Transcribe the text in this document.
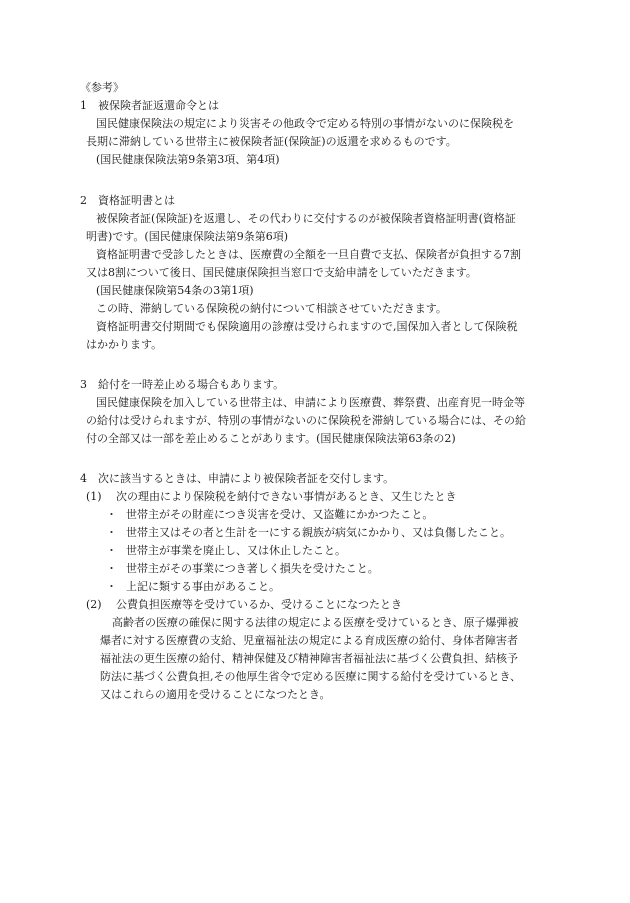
《参考》
1 被保険者証返還命令とは
国民健康保険法の規定により災害その他政令で定める特別の事情がないのに保険税を
長期に滞納している世帯主に被保険者証(保険証)の返還を求めるものです。
(国民健康保険法第9条第3項、第4項)
2 資格証明書とは
被保険者証(保険証)を返還し、その代わりに交付するのが被保険者資格証明書(資格証
明書)です。(国民健康保険法第9条第6項)
資格証明書で受診したときは、医療費の全額を一旦自費で支払、保険者が負担する7割
又は8割について後日、国民健康保険担当窓口で支給申請をしていただきます。
(国民健康保険第54条の3第1項)
この時、滞納している保険税の納付について相談させていただきます。
資格証明書交付期間でも保険適用の診療は受けられますので,国保加入者として保険税
はかかります。
3 給付を一時差止める場合もあります。
国民健康保険を加入している世帯主は、申請により医療費、葬祭費、出産育児一時金等
の給付は受けられますが、特別の事情がないのに保険税を滞納している場合には、その給
付の全部又は一部を差止めることがあります。(国民健康保険法第63条の2)
4 次に該当するときは、申請により被保険者証を交付します。
(1) 次の理由により保険税を納付できない事情があるとき、又生じたとき
・ 世帯主がその財産につき災害を受け、又盗難にかかつたこと。
・ 世帯主又はその者と生計を一にする親族が病気にかかり、又は負傷したこと。
・ 世帯主が事業を廃止し、又は休止したこと。
・ 世帯主がその事業につき著しく損失を受けたこと。
・ 上記に類する事由があること。
(2) 公費負担医療等を受けているか、受けることになつたとき
高齢者の医療の確保に関する法律の規定による医療を受けているとき、原子爆弾被
爆者に対する医療費の支給、児童福祉法の規定による育成医療の給付、身体者障害者
福祉法の更生医療の給付、精神保健及び精神障害者福祉法に基づく公費負担、結核予
防法に基づく公費負担,その他厚生省令で定める医療に関する給付を受けているとき、
又はこれらの適用を受けることになつたとき。
